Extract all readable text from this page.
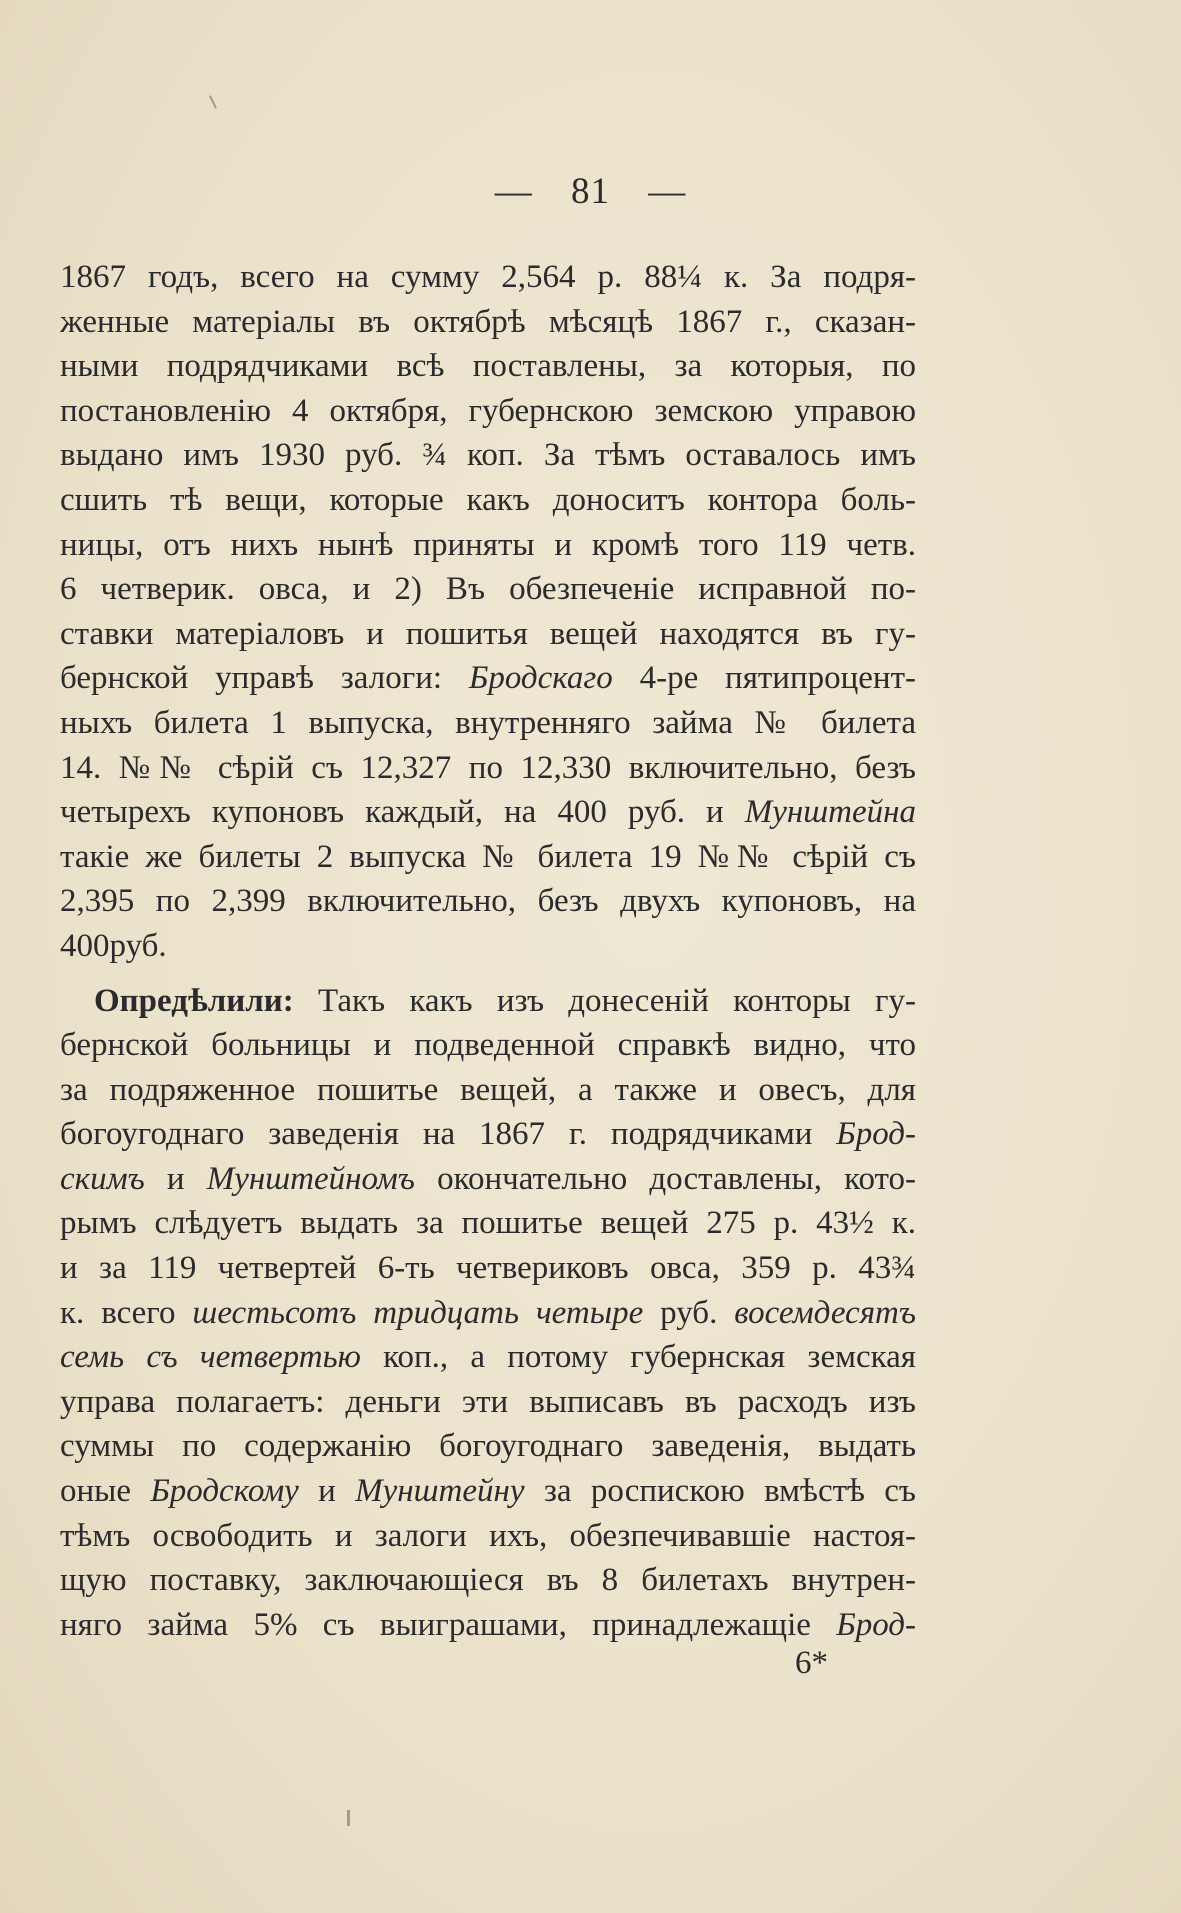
— 81 —
1867 годъ, всего на сумму 2,564 р. 88¼ к. За подря-
женные матеріалы въ октябрѣ мѣсяцѣ 1867 г., сказан-
ными подрядчиками всѣ поставлены, за которыя, по
постановленію 4 октября, губернскою земскою управою
выдано имъ 1930 руб. ¾ коп. За тѣмъ оставалось имъ
сшить тѣ вещи, которые какъ доноситъ контора боль-
ницы, отъ нихъ нынѣ приняты и кромѣ того 119 четв.
6 четверик. овса, и 2) Въ обезпеченіе исправной по-
ставки матеріаловъ и пошитья вещей находятся въ гу-
бернской управѣ залоги: Бродскаго 4-ре пятипроцент-
ныхъ билета 1 выпуска, внутренняго займа № билета
14. №№ сѣрій съ 12,327 по 12,330 включительно, безъ
четырехъ купоновъ каждый, на 400 руб. и Мунштейна
такіе же билеты 2 выпуска № билета 19 №№ сѣрій съ
2,395 по 2,399 включительно, безъ двухъ купоновъ, на
400руб.
Опредѣлили: Такъ какъ изъ донесеній конторы гу-
бернской больницы и подведенной справкѣ видно, что
за подряженное пошитье вещей, а также и овесъ, для
богоугоднаго заведенія на 1867 г. подрядчиками Брод-
скимъ и Мунштейномъ окончательно доставлены, кото-
рымъ слѣдуетъ выдать за пошитье вещей 275 р. 43½ к.
и за 119 четвертей 6-ть четвериковъ овса, 359 р. 43¾
к. всего шестьсотъ тридцать четыре руб. восемдесятъ
семь съ четвертью коп., а потому губернская земская
управа полагаетъ: деньги эти выписавъ въ расходъ изъ
суммы по содержанію богоугоднаго заведенія, выдать
оные Бродскому и Мунштейну за роспискою вмѣстѣ съ
тѣмъ освободить и залоги ихъ, обезпечивавшіе настоя-
щую поставку, заключающіеся въ 8 билетахъ внутрен-
няго займа 5% съ выиграшами, принадлежащіе Брод-
6*
